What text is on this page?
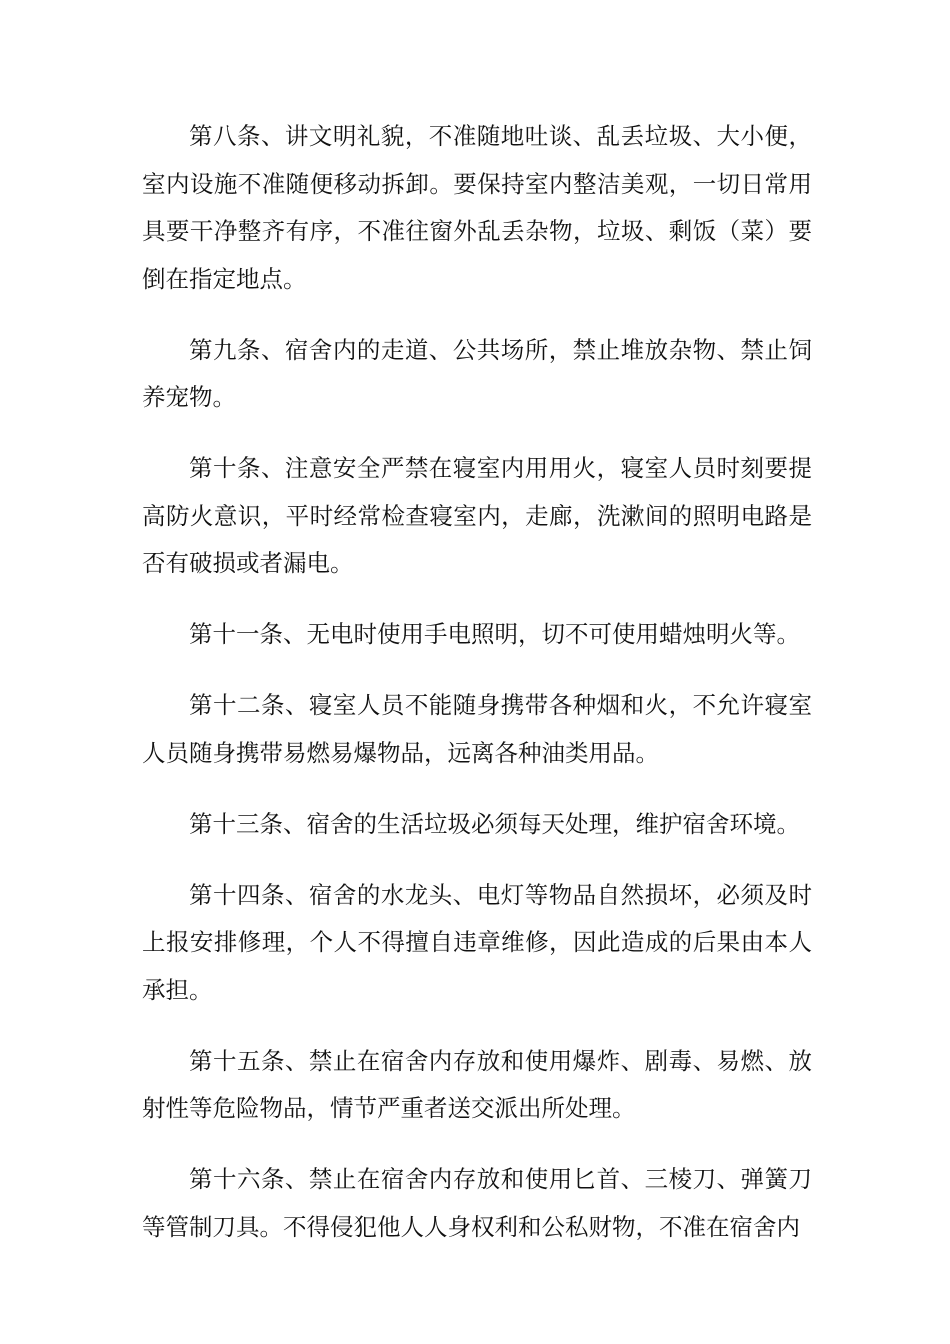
第八条、讲文明礼貌，不准随地吐谈、乱丢垃圾、大小便，室内设施不准随便移动拆卸。要保持室内整洁美观，一切日常用具要干净整齐有序，不准往窗外乱丢杂物，垃圾、剩饭（菜）要倒在指定地点。

第九条、宿舍内的走道、公共场所，禁止堆放杂物、禁止饲养宠物。

第十条、注意安全严禁在寝室内用用火，寝室人员时刻要提高防火意识，平时经常检查寝室内，走廊，洗漱间的照明电路是否有破损或者漏电。

第十一条、无电时使用手电照明，切不可使用蜡烛明火等。

第十二条、寝室人员不能随身携带各种烟和火，不允许寝室人员随身携带易燃易爆物品，远离各种油类用品。

第十三条、宿舍的生活垃圾必须每天处理，维护宿舍环境。

第十四条、宿舍的水龙头、电灯等物品自然损坏，必须及时上报安排修理，个人不得擅自违章维修，因此造成的后果由本人承担。

第十五条、禁止在宿舍内存放和使用爆炸、剧毒、易燃、放射性等危险物品，情节严重者送交派出所处理。

第十六条、禁止在宿舍内存放和使用匕首、三棱刀、弹簧刀等管制刀具。不得侵犯他人人身权利和公私财物，不准在宿舍内
